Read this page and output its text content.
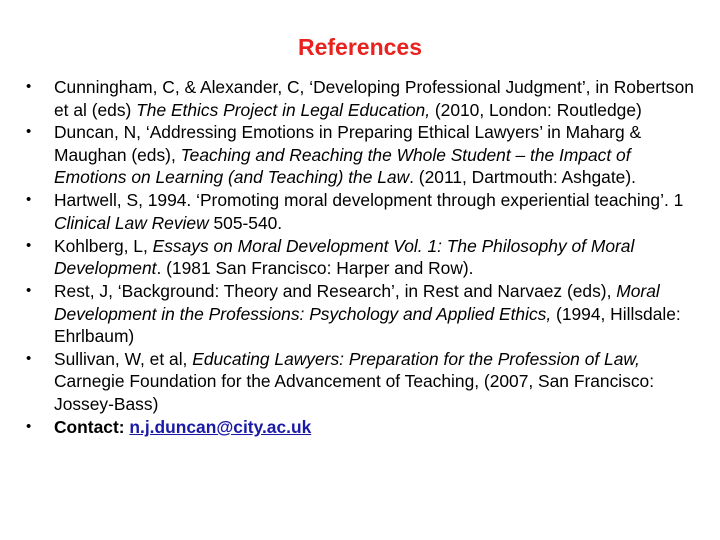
References
• Cunningham, C, & Alexander, C, ‘Developing Professional Judgment’, in Robertson et al (eds) The Ethics Project in Legal Education, (2010, London: Routledge)
• Duncan, N, ‘Addressing Emotions in Preparing Ethical Lawyers’ in Maharg & Maughan (eds), Teaching and Reaching the Whole Student – the Impact of Emotions on Learning (and Teaching) the Law. (2011, Dartmouth: Ashgate).
• Hartwell, S, 1994. ‘Promoting moral development through experiential teaching’. 1 Clinical Law Review 505-540.
• Kohlberg, L, Essays on Moral Development Vol. 1: The Philosophy of Moral Development. (1981 San Francisco: Harper and Row).
• Rest, J, ‘Background: Theory and Research’, in Rest and Narvaez (eds), Moral Development in the Professions: Psychology and Applied Ethics, (1994, Hillsdale: Ehrlbaum)
• Sullivan, W, et al, Educating Lawyers: Preparation for the Profession of Law, Carnegie Foundation for the Advancement of Teaching, (2007, San Francisco: Jossey-Bass)
• Contact: n.j.duncan@city.ac.uk
